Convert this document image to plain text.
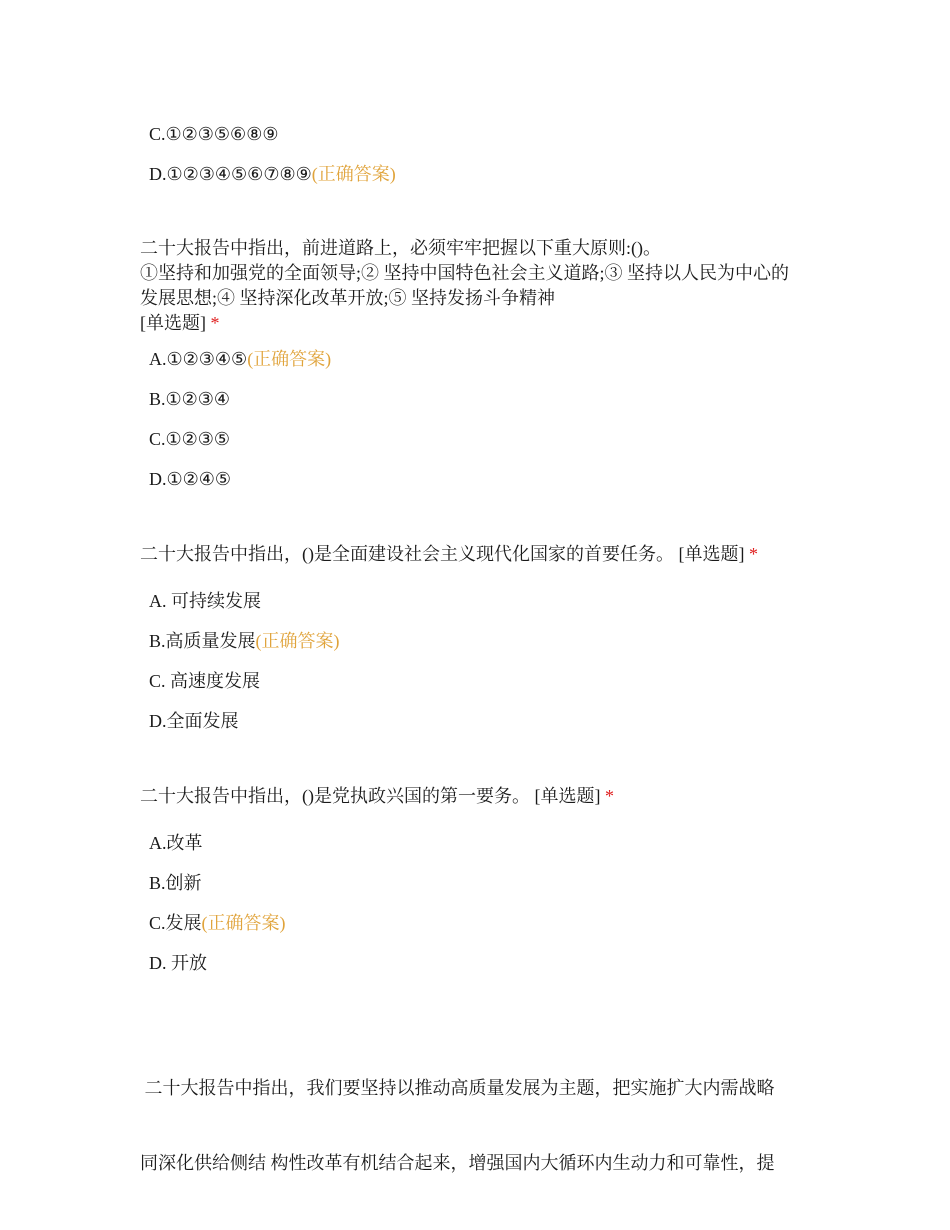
C.①②③⑤⑥⑧⑨
D.①②③④⑤⑥⑦⑧⑨(正确答案)
二十大报告中指出，前进道路上，必须牢牢把握以下重大原则:()。
①坚持和加强党的全面领导;② 坚持中国特色社会主义道路;③ 坚持以人民为中心的
发展思想;④ 坚持深化改革开放;⑤ 坚持发扬斗争精神
[单选题] *
A.①②③④⑤(正确答案)
B.①②③④
C.①②③⑤
D.①②④⑤
二十大报告中指出，()是全面建设社会主义现代化国家的首要任务。 [单选题] *
A. 可持续发展
B.高质量发展(正确答案)
C. 高速度发展
D.全面发展
二十大报告中指出，()是党执政兴国的第一要务。 [单选题] *
A.改革
B.创新
C.发展(正确答案)
D. 开放

二十大报告中指出，我们要坚持以推动高质量发展为主题，把实施扩大内需战略

同深化供给侧结 构性改革有机结合起来，增强国内大循环内生动力和可靠性，提
